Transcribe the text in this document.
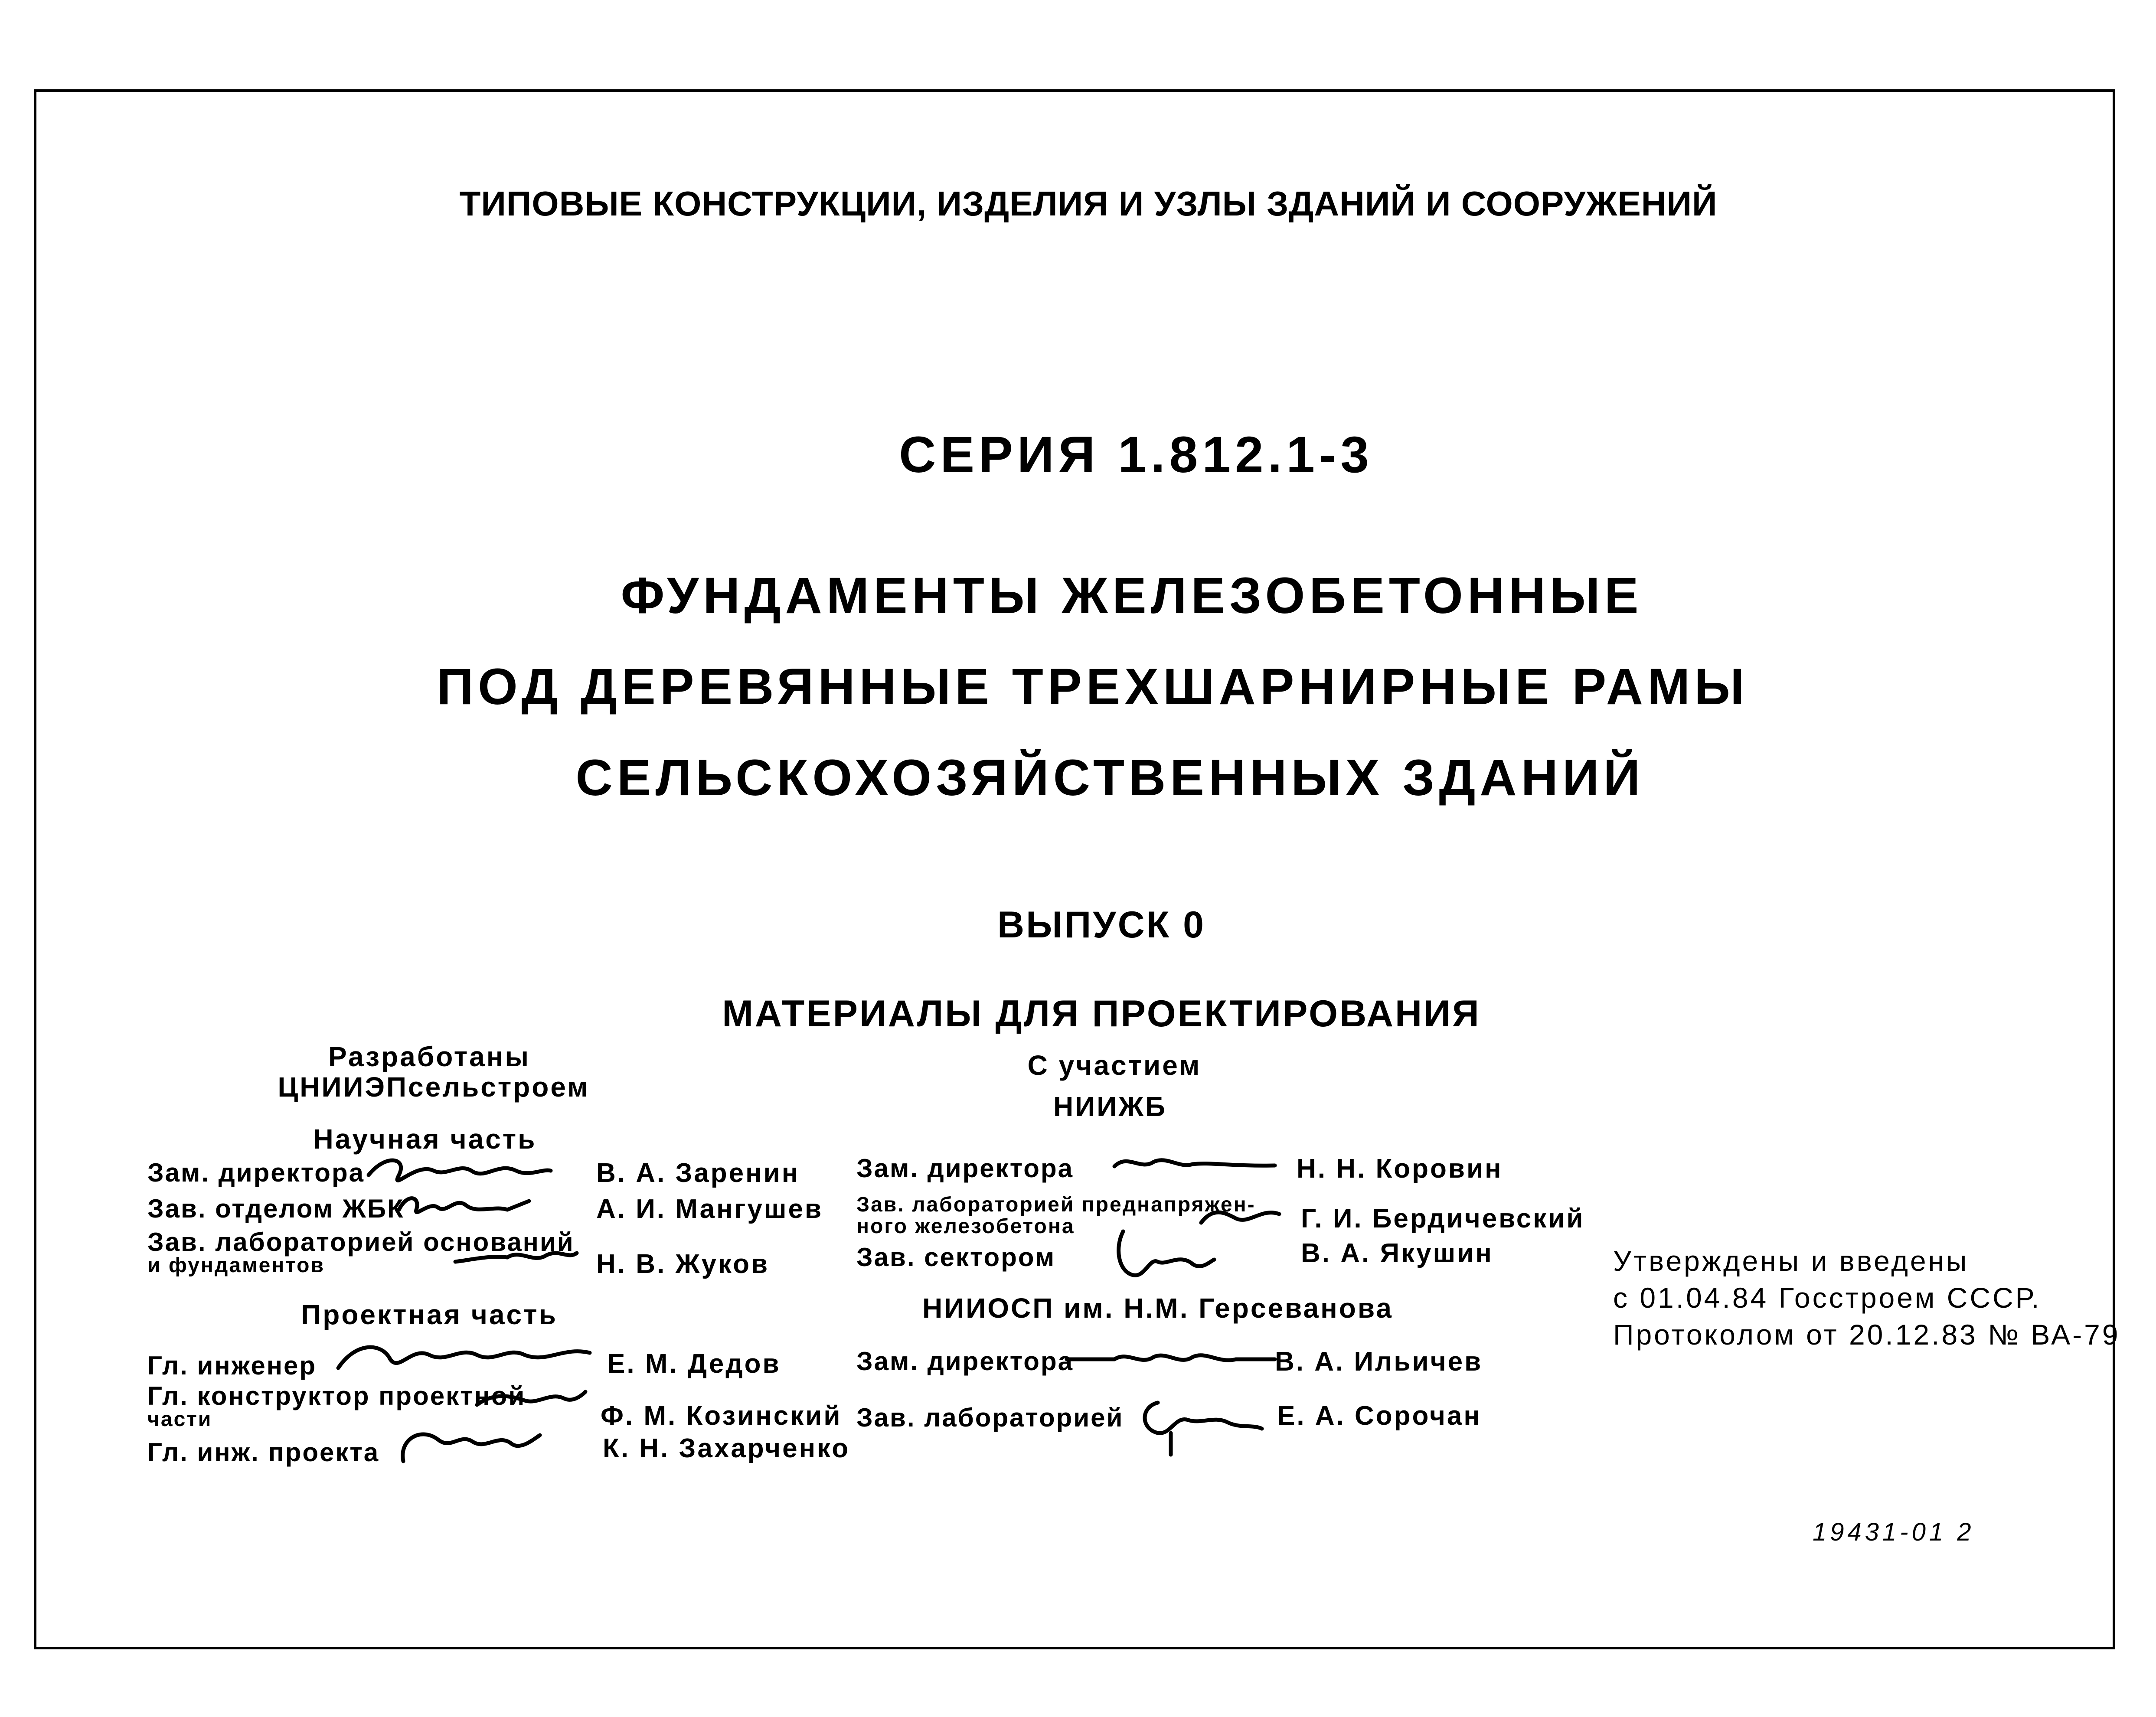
ТИПОВЫЕ КОНСТРУКЦИИ, ИЗДЕЛИЯ И УЗЛЫ ЗДАНИЙ И СООРУЖЕНИЙ
СЕРИЯ 1.812.1-3
ФУНДАМЕНТЫ ЖЕЛЕЗОБЕТОННЫЕ
ПОД ДЕРЕВЯННЫЕ ТРЕХШАРНИРНЫЕ РАМЫ
СЕЛЬСКОХОЗЯЙСТВЕННЫХ ЗДАНИЙ
ВЫПУСК 0
МАТЕРИАЛЫ ДЛЯ ПРОЕКТИРОВАНИЯ
Разработаны
ЦНИИЭПсельстроем
С участием
НИИЖБ
Научная часть
Зам. директора	В. А. Заренин
Зав. отделом ЖБК	А. И. Мангушев
Зав. лабораторией оснований
и фундаментов	Н. В. Жуков
Проектная часть
Гл. инженер	Е. М. Дедов
Гл. конструктор проектной
части	Ф. М. Козинский
Гл. инж. проекта	К. Н. Захарченко
Зам. директора	Н. Н. Коровин
Зав. лабораторией преднапряжен-
ного железобетона	Г. И. Бердичевский
Зав. сектором	В. А. Якушин
НИИОСП им. Н.М. Герсеванова
Зам. директора	В. А. Ильичев
Зав. лабораторией	Е. А. Сорочан
Утверждены и введены
с 01.04.84 Госстроем СССР.
Протоколом от 20.12.83 № ВА-79
19431-01 2
